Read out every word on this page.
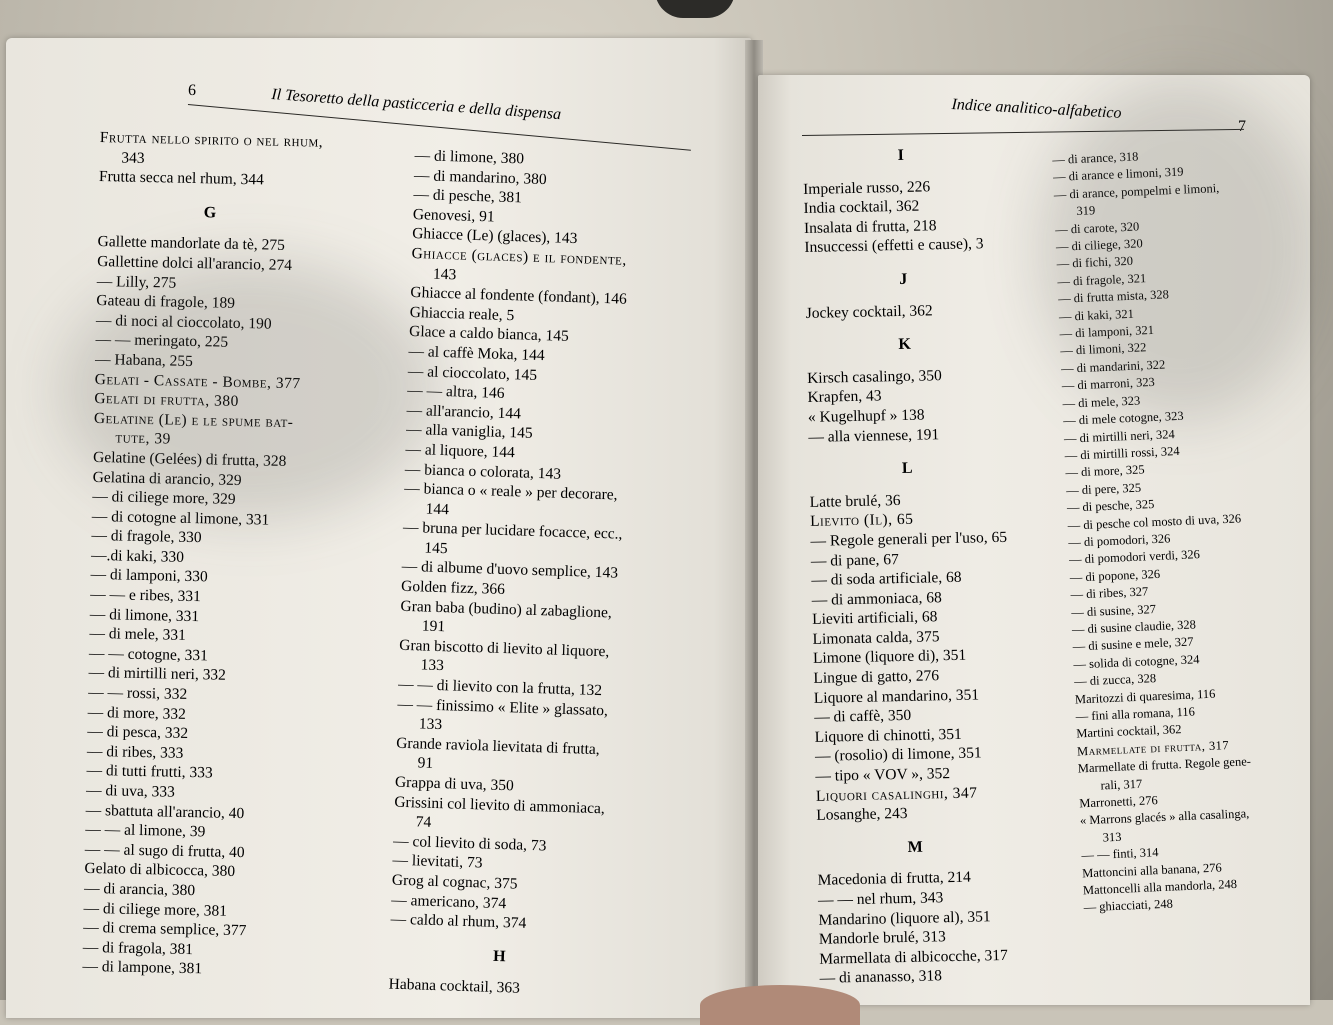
6	Il Tesoretto della pasticceria e della dispensa
Frutta nello spirito o nel rhum,
343
Frutta secca nel rhum, 344
G
Gallette mandorlate da tè, 275
Gallettine dolci all'arancio, 274
— Lilly, 275
Gateau di fragole, 189
— di noci al cioccolato, 190
— — meringato, 225
— Habana, 255
Gelati - Cassate - Bombe, 377
Gelati di frutta, 380
Gelatine (Le) e le spume bat-
tute, 39
Gelatine (Gelées) di frutta, 328
Gelatina di arancio, 329
— di ciliege more, 329
— di cotogne al limone, 331
— di fragole, 330
—.di kaki, 330
— di lamponi, 330
— — e ribes, 331
— di limone, 331
— di mele, 331
— — cotogne, 331
— di mirtilli neri, 332
— — rossi, 332
— di more, 332
— di pesca, 332
— di ribes, 333
— di tutti frutti, 333
— di uva, 333
— sbattuta all'arancio, 40
— — al limone, 39
— — al sugo di frutta, 40
Gelato di albicocca, 380
— di arancia, 380
— di ciliege more, 381
— di crema semplice, 377
— di fragola, 381
— di lampone, 381
— di limone, 380
— di mandarino, 380
— di pesche, 381
Genovesi, 91
Ghiacce (Le) (glaces), 143
Ghiacce (glaces) e il fondente,
143
Ghiacce al fondente (fondant), 146
Ghiaccia reale, 5
Glace a caldo bianca, 145
— al caffè Moka, 144
— al cioccolato, 145
— — altra, 146
— all'arancio, 144
— alla vaniglia, 145
— al liquore, 144
— bianca o colorata, 143
— bianca o « reale » per decorare,
144
— bruna per lucidare focacce, ecc.,
145
— di albume d'uovo semplice, 143
Golden fizz, 366
Gran baba (budino) al zabaglione,
191
Gran biscotto di lievito al liquore,
133
— — di lievito con la frutta, 132
— — finissimo « Elite » glassato,
133
Grande raviola lievitata di frutta,
91
Grappa di uva, 350
Grissini col lievito di ammoniaca,
74
— col lievito di soda, 73
— lievitati, 73
Grog al cognac, 375
— americano, 374
— caldo al rhum, 374
H
Habana cocktail, 363
Indice analitico-alfabetico
7
I
Imperiale russo, 226
India cocktail, 362
Insalata di frutta, 218
Insuccessi (effetti e cause), 3
J
Jockey cocktail, 362
K
Kirsch casalingo, 350
Krapfen, 43
« Kugelhupf » 138
— alla viennese, 191
L
Latte brulé, 36
Lievito (Il), 65
— Regole generali per l'uso, 65
— di pane, 67
— di soda artificiale, 68
— di ammoniaca, 68
Lieviti artificiali, 68
Limonata calda, 375
Limone (liquore di), 351
Lingue di gatto, 276
Liquore al mandarino, 351
— di caffè, 350
Liquore di chinotti, 351
— (rosolio) di limone, 351
— tipo « VOV », 352
Liquori casalinghi, 347
Losanghe, 243
M
Macedonia di frutta, 214
— — nel rhum, 343
Mandarino (liquore al), 351
Mandorle brulé, 313
Marmellata di albicocche, 317
— di ananasso, 318
— di arance, 318
— di arance e limoni, 319
— di arance, pompelmi e limoni,
319
— di carote, 320
— di ciliege, 320
— di fichi, 320
— di fragole, 321
— di frutta mista, 328
— di kaki, 321
— di lamponi, 321
— di limoni, 322
— di mandarini, 322
— di marroni, 323
— di mele, 323
— di mele cotogne, 323
— di mirtilli neri, 324
— di mirtilli rossi, 324
— di more, 325
— di pere, 325
— di pesche, 325
— di pesche col mosto di uva, 326
— di pomodori, 326
— di pomodori verdi, 326
— di popone, 326
— di ribes, 327
— di susine, 327
— di susine claudie, 328
— di susine e mele, 327
— solida di cotogne, 324
— di zucca, 328
Maritozzi di quaresima, 116
— fini alla romana, 116
Martini cocktail, 362
Marmellate di frutta, 317
Marmellate di frutta. Regole gene-
rali, 317
Marronetti, 276
« Marrons glacés » alla casalinga,
313
— — finti, 314
Mattoncini alla banana, 276
Mattoncelli alla mandorla, 248
— ghiacciati, 248
